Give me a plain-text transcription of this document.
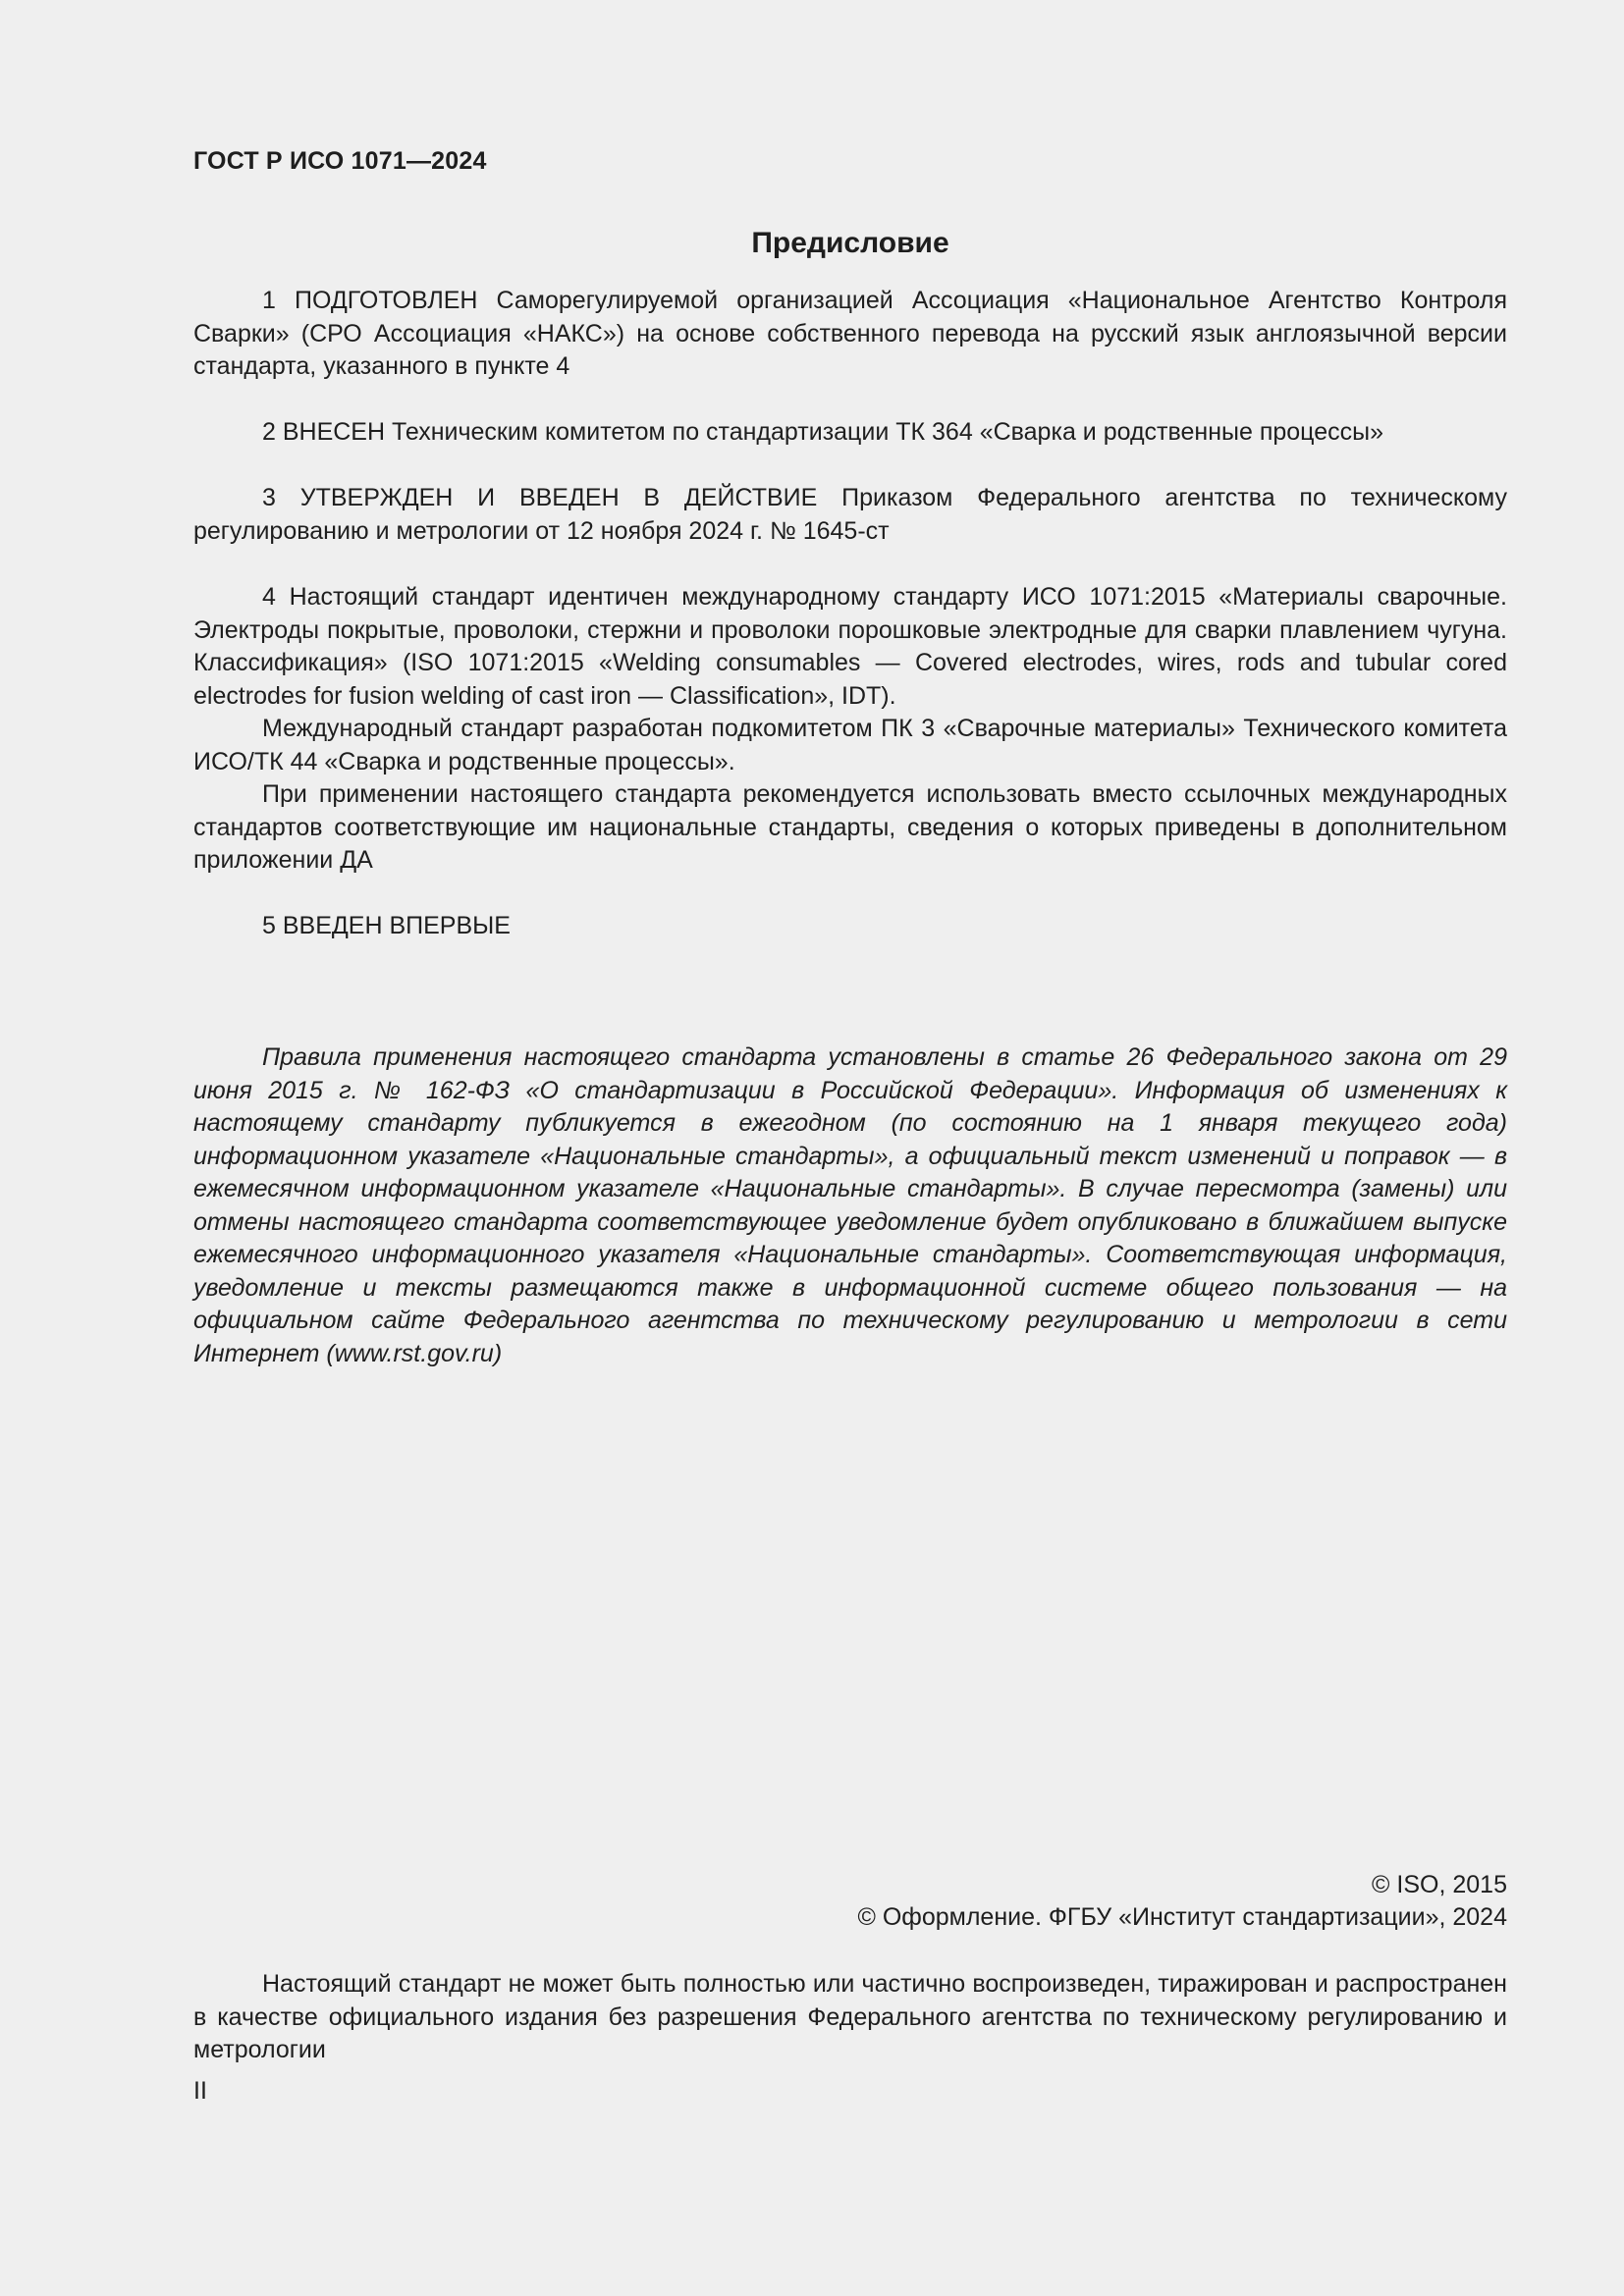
ГОСТ Р ИСО 1071—2024
Предисловие

1 ПОДГОТОВЛЕН Саморегулируемой организацией Ассоциация «Национальное Агентство Контроля Сварки» (СРО Ассоциация «НАКС») на основе собственного перевода на русский язык англоязычной версии стандарта, указанного в пункте 4

2 ВНЕСЕН Техническим комитетом по стандартизации ТК 364 «Сварка и родственные процессы»

3 УТВЕРЖДЕН И ВВЕДЕН В ДЕЙСТВИЕ Приказом Федерального агентства по техническому регулированию и метрологии от 12 ноября 2024 г. № 1645-ст

4 Настоящий стандарт идентичен международному стандарту ИСО 1071:2015 «Материалы сварочные. Электроды покрытые, проволоки, стержни и проволоки порошковые электродные для сварки плавлением чугуна. Классификация» (ISO 1071:2015 «Welding consumables — Covered electrodes, wires, rods and tubular cored electrodes for fusion welding of cast iron — Classification», IDT).

Международный стандарт разработан подкомитетом ПК 3 «Сварочные материалы» Технического комитета ИСО/ТК 44 «Сварка и родственные процессы».

При применении настоящего стандарта рекомендуется использовать вместо ссылочных международных стандартов соответствующие им национальные стандарты, сведения о которых приведены в дополнительном приложении ДА

5 ВВЕДЕН ВПЕРВЫЕ

Правила применения настоящего стандарта установлены в статье 26 Федерального закона от 29 июня 2015 г. № 162-ФЗ «О стандартизации в Российской Федерации». Информация об изменениях к настоящему стандарту публикуется в ежегодном (по состоянию на 1 января текущего года) информационном указателе «Национальные стандарты», а официальный текст изменений и поправок — в ежемесячном информационном указателе «Национальные стандарты». В случае пересмотра (замены) или отмены настоящего стандарта соответствующее уведомление будет опубликовано в ближайшем выпуске ежемесячного информационного указателя «Национальные стандарты». Соответствующая информация, уведомление и тексты размещаются также в информационной системе общего пользования — на официальном сайте Федерального агентства по техническому регулированию и метрологии в сети Интернет (www.rst.gov.ru)

© ISO, 2015
© Оформление. ФГБУ «Институт стандартизации», 2024

Настоящий стандарт не может быть полностью или частично воспроизведен, тиражирован и распространен в качестве официального издания без разрешения Федерального агентства по техническому регулированию и метрологии

II
